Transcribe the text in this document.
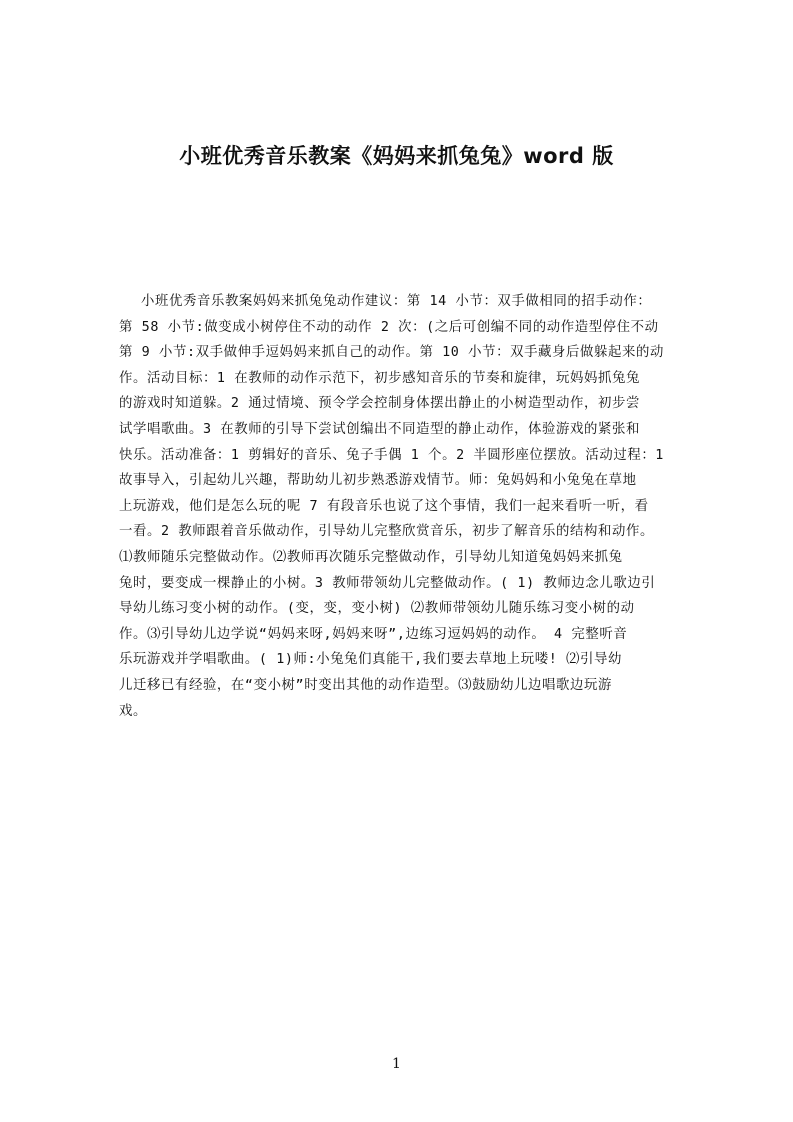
小班优秀音乐教案《妈妈来抓兔兔》word 版
小班优秀音乐教案妈妈来抓兔兔动作建议：第 14 小节：双手做相同的招手动作：
第 58 小节:做变成小树停住不动的动作 2 次：(之后可创编不同的动作造型停住不动
第 9 小节:双手做伸手逗妈妈来抓自己的动作。第 10 小节：双手藏身后做躲起来的动
作。活动目标：1 在教师的动作示范下，初步感知音乐的节奏和旋律，玩妈妈抓兔兔
的游戏时知道躲。2 通过情境、预令学会控制身体摆出静止的小树造型动作，初步尝
试学唱歌曲。3 在教师的引导下尝试创编出不同造型的静止动作，体验游戏的紧张和
快乐。活动准备：1 剪辑好的音乐、兔子手偶 1 个。2 半圆形座位摆放。活动过程：1
故事导入，引起幼儿兴趣，帮助幼儿初步熟悉游戏情节。师：兔妈妈和小兔兔在草地
上玩游戏，他们是怎么玩的呢 7 有段音乐也说了这个事情，我们一起来看听一听，看
一看。2 教师跟着音乐做动作，引导幼儿完整欣赏音乐，初步了解音乐的结构和动作。
⑴教师随乐完整做动作。⑵教师再次随乐完整做动作，引导幼儿知道兔妈妈来抓兔
兔时，要变成一棵静止的小树。3 教师带领幼儿完整做动作。( 1) 教师边念儿歌边引
导幼儿练习变小树的动作。(变，变，变小树) ⑵教师带领幼儿随乐练习变小树的动
作。⑶引导幼儿边学说“妈妈来呀,妈妈来呀”,边练习逗妈妈的动作。 4 完整听音
乐玩游戏并学唱歌曲。( 1)师:小兔兔们真能干,我们要去草地上玩喽! ⑵引导幼
儿迁移已有经验，在“变小树”时变出其他的动作造型。⑶鼓励幼儿边唱歌边玩游
戏。
1
